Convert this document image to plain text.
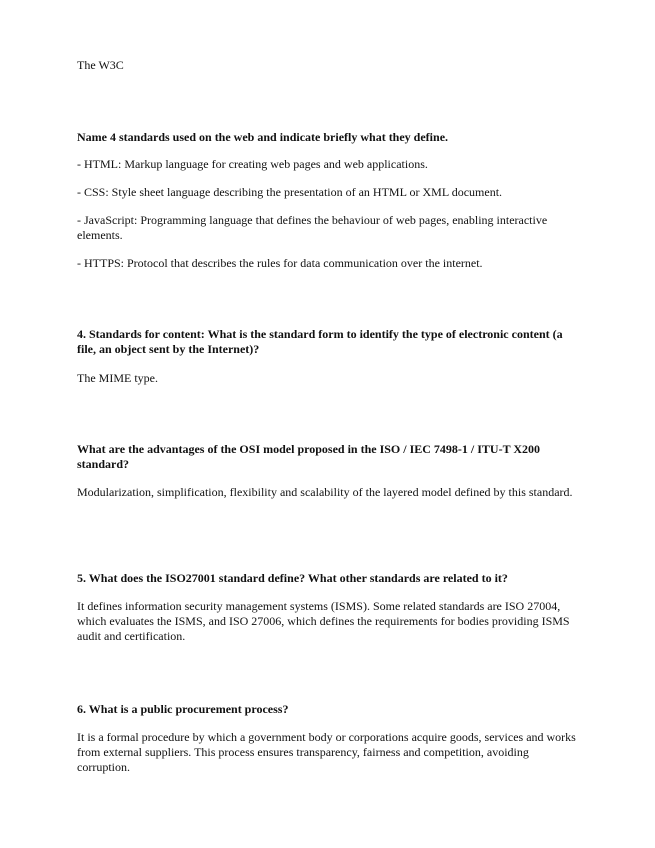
The W3C

Name 4 standards used on the web and indicate briefly what they define.

- HTML: Markup language for creating web pages and web applications.

- CSS: Style sheet language describing the presentation of an HTML or XML document.

- JavaScript: Programming language that defines the behaviour of web pages, enabling interactive elements.

- HTTPS: Protocol that describes the rules for data communication over the internet.

4. Standards for content: What is the standard form to identify the type of electronic content (a file, an object sent by the Internet)?

The MIME type.

What are the advantages of the OSI model proposed in the ISO / IEC 7498-1 / ITU-T X200 standard?

Modularization, simplification, flexibility and scalability of the layered model defined by this standard.

5. What does the ISO27001 standard define? What other standards are related to it?

It defines information security management systems (ISMS). Some related standards are ISO 27004, which evaluates the ISMS, and ISO 27006, which defines the requirements for bodies providing ISMS audit and certification.

6. What is a public procurement process?

It is a formal procedure by which a government body or corporations acquire goods, services and works from external suppliers. This process ensures transparency, fairness and competition, avoiding corruption.
